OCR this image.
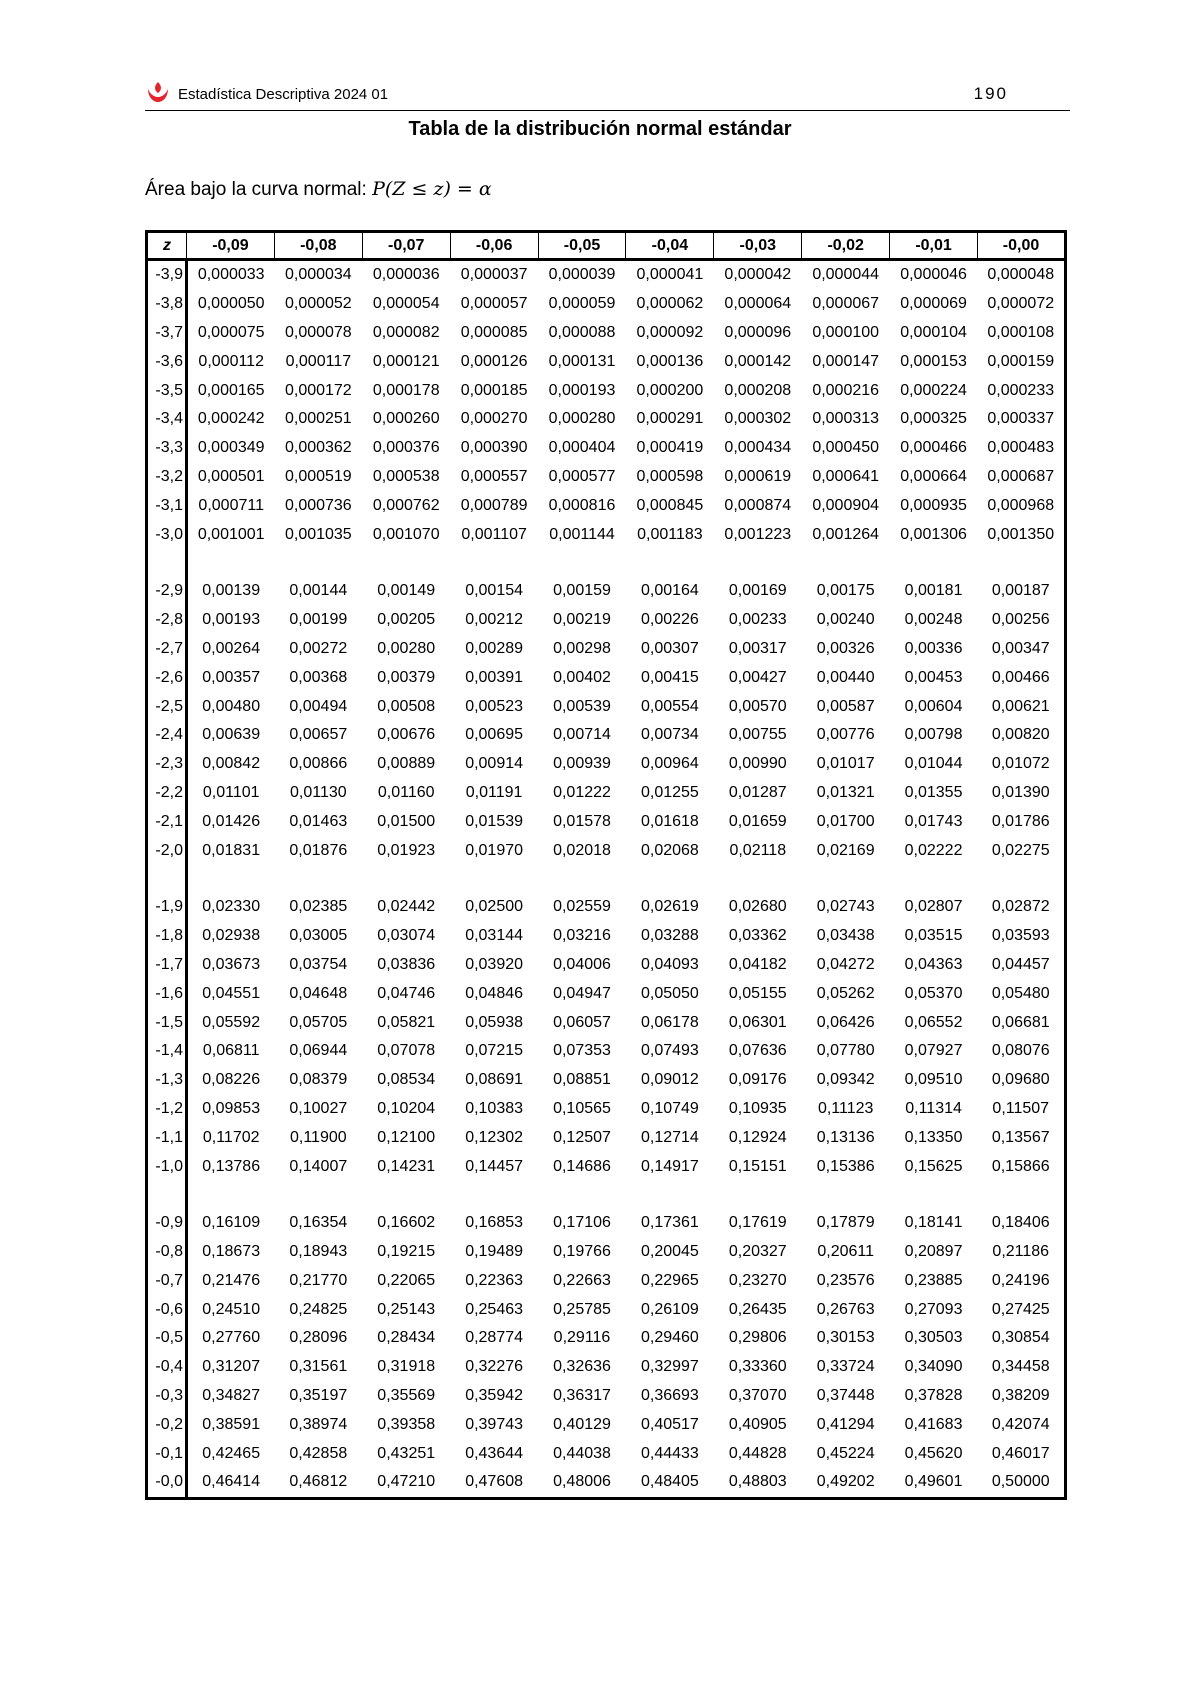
Estadística Descriptiva 2024 01	190
Tabla de la distribución normal estándar
Área bajo la curva normal: P(Z ≤ z) = α
z	-0,09	-0,08	-0,07	-0,06	-0,05	-0,04	-0,03	-0,02	-0,01	-0,00
-3,9	0,000033	0,000034	0,000036	0,000037	0,000039	0,000041	0,000042	0,000044	0,000046	0,000048
-3,8	0,000050	0,000052	0,000054	0,000057	0,000059	0,000062	0,000064	0,000067	0,000069	0,000072
-3,7	0,000075	0,000078	0,000082	0,000085	0,000088	0,000092	0,000096	0,000100	0,000104	0,000108
-3,6	0,000112	0,000117	0,000121	0,000126	0,000131	0,000136	0,000142	0,000147	0,000153	0,000159
-3,5	0,000165	0,000172	0,000178	0,000185	0,000193	0,000200	0,000208	0,000216	0,000224	0,000233
-3,4	0,000242	0,000251	0,000260	0,000270	0,000280	0,000291	0,000302	0,000313	0,000325	0,000337
-3,3	0,000349	0,000362	0,000376	0,000390	0,000404	0,000419	0,000434	0,000450	0,000466	0,000483
-3,2	0,000501	0,000519	0,000538	0,000557	0,000577	0,000598	0,000619	0,000641	0,000664	0,000687
-3,1	0,000711	0,000736	0,000762	0,000789	0,000816	0,000845	0,000874	0,000904	0,000935	0,000968
-3,0	0,001001	0,001035	0,001070	0,001107	0,001144	0,001183	0,001223	0,001264	0,001306	0,001350

-2,9	0,00139	0,00144	0,00149	0,00154	0,00159	0,00164	0,00169	0,00175	0,00181	0,00187
-2,8	0,00193	0,00199	0,00205	0,00212	0,00219	0,00226	0,00233	0,00240	0,00248	0,00256
-2,7	0,00264	0,00272	0,00280	0,00289	0,00298	0,00307	0,00317	0,00326	0,00336	0,00347
-2,6	0,00357	0,00368	0,00379	0,00391	0,00402	0,00415	0,00427	0,00440	0,00453	0,00466
-2,5	0,00480	0,00494	0,00508	0,00523	0,00539	0,00554	0,00570	0,00587	0,00604	0,00621
-2,4	0,00639	0,00657	0,00676	0,00695	0,00714	0,00734	0,00755	0,00776	0,00798	0,00820
-2,3	0,00842	0,00866	0,00889	0,00914	0,00939	0,00964	0,00990	0,01017	0,01044	0,01072
-2,2	0,01101	0,01130	0,01160	0,01191	0,01222	0,01255	0,01287	0,01321	0,01355	0,01390
-2,1	0,01426	0,01463	0,01500	0,01539	0,01578	0,01618	0,01659	0,01700	0,01743	0,01786
-2,0	0,01831	0,01876	0,01923	0,01970	0,02018	0,02068	0,02118	0,02169	0,02222	0,02275

-1,9	0,02330	0,02385	0,02442	0,02500	0,02559	0,02619	0,02680	0,02743	0,02807	0,02872
-1,8	0,02938	0,03005	0,03074	0,03144	0,03216	0,03288	0,03362	0,03438	0,03515	0,03593
-1,7	0,03673	0,03754	0,03836	0,03920	0,04006	0,04093	0,04182	0,04272	0,04363	0,04457
-1,6	0,04551	0,04648	0,04746	0,04846	0,04947	0,05050	0,05155	0,05262	0,05370	0,05480
-1,5	0,05592	0,05705	0,05821	0,05938	0,06057	0,06178	0,06301	0,06426	0,06552	0,06681
-1,4	0,06811	0,06944	0,07078	0,07215	0,07353	0,07493	0,07636	0,07780	0,07927	0,08076
-1,3	0,08226	0,08379	0,08534	0,08691	0,08851	0,09012	0,09176	0,09342	0,09510	0,09680
-1,2	0,09853	0,10027	0,10204	0,10383	0,10565	0,10749	0,10935	0,11123	0,11314	0,11507
-1,1	0,11702	0,11900	0,12100	0,12302	0,12507	0,12714	0,12924	0,13136	0,13350	0,13567
-1,0	0,13786	0,14007	0,14231	0,14457	0,14686	0,14917	0,15151	0,15386	0,15625	0,15866

-0,9	0,16109	0,16354	0,16602	0,16853	0,17106	0,17361	0,17619	0,17879	0,18141	0,18406
-0,8	0,18673	0,18943	0,19215	0,19489	0,19766	0,20045	0,20327	0,20611	0,20897	0,21186
-0,7	0,21476	0,21770	0,22065	0,22363	0,22663	0,22965	0,23270	0,23576	0,23885	0,24196
-0,6	0,24510	0,24825	0,25143	0,25463	0,25785	0,26109	0,26435	0,26763	0,27093	0,27425
-0,5	0,27760	0,28096	0,28434	0,28774	0,29116	0,29460	0,29806	0,30153	0,30503	0,30854
-0,4	0,31207	0,31561	0,31918	0,32276	0,32636	0,32997	0,33360	0,33724	0,34090	0,34458
-0,3	0,34827	0,35197	0,35569	0,35942	0,36317	0,36693	0,37070	0,37448	0,37828	0,38209
-0,2	0,38591	0,38974	0,39358	0,39743	0,40129	0,40517	0,40905	0,41294	0,41683	0,42074
-0,1	0,42465	0,42858	0,43251	0,43644	0,44038	0,44433	0,44828	0,45224	0,45620	0,46017
-0,0	0,46414	0,46812	0,47210	0,47608	0,48006	0,48405	0,48803	0,49202	0,49601	0,50000
